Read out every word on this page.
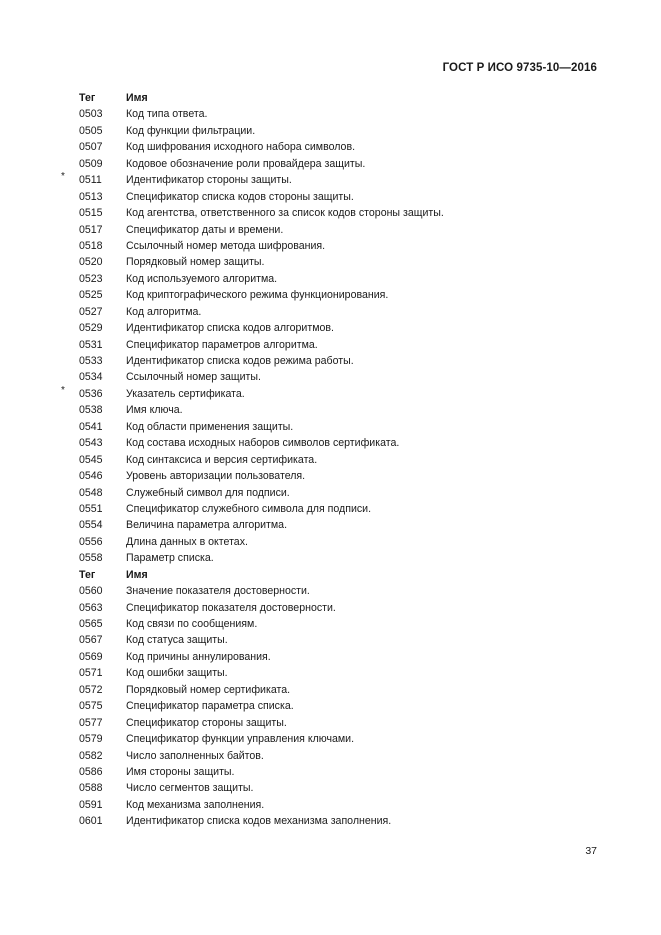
ГОСТ Р ИСО 9735-10—2016
Тег	Имя
0503 Код типа ответа.
0505 Код функции фильтрации.
0507 Код шифрования исходного набора символов.
0509 Кодовое обозначение роли провайдера защиты.
* 0511 Идентификатор стороны защиты.
0513 Спецификатор списка кодов стороны защиты.
0515 Код агентства, ответственного за список кодов стороны защиты.
0517 Спецификатор даты и времени.
0518 Ссылочный номер метода шифрования.
0520 Порядковый номер защиты.
0523 Код используемого алгоритма.
0525 Код криптографического режима функционирования.
0527 Код алгоритма.
0529 Идентификатор списка кодов алгоритмов.
0531 Спецификатор параметров алгоритма.
0533 Идентификатор списка кодов режима работы.
0534 Ссылочный номер защиты.
* 0536 Указатель сертификата.
0538 Имя ключа.
0541 Код области применения защиты.
0543 Код состава исходных наборов символов сертификата.
0545 Код синтаксиса и версия сертификата.
0546 Уровень авторизации пользователя.
0548 Служебный символ для подписи.
0551 Спецификатор служебного символа для подписи.
0554 Величина параметра алгоритма.
0556 Длина данных в октетах.
0558 Параметр списка.
Тег	Имя
0560 Значение показателя достоверности.
0563 Спецификатор показателя достоверности.
0565 Код связи по сообщениям.
0567 Код статуса защиты.
0569 Код причины аннулирования.
0571 Код ошибки защиты.
0572 Порядковый номер сертификата.
0575 Спецификатор параметра списка.
0577 Спецификатор стороны защиты.
0579 Спецификатор функции управления ключами.
0582 Число заполненных байтов.
0586 Имя стороны защиты.
0588 Число сегментов защиты.
0591 Код механизма заполнения.
0601 Идентификатор списка кодов механизма заполнения.
37
